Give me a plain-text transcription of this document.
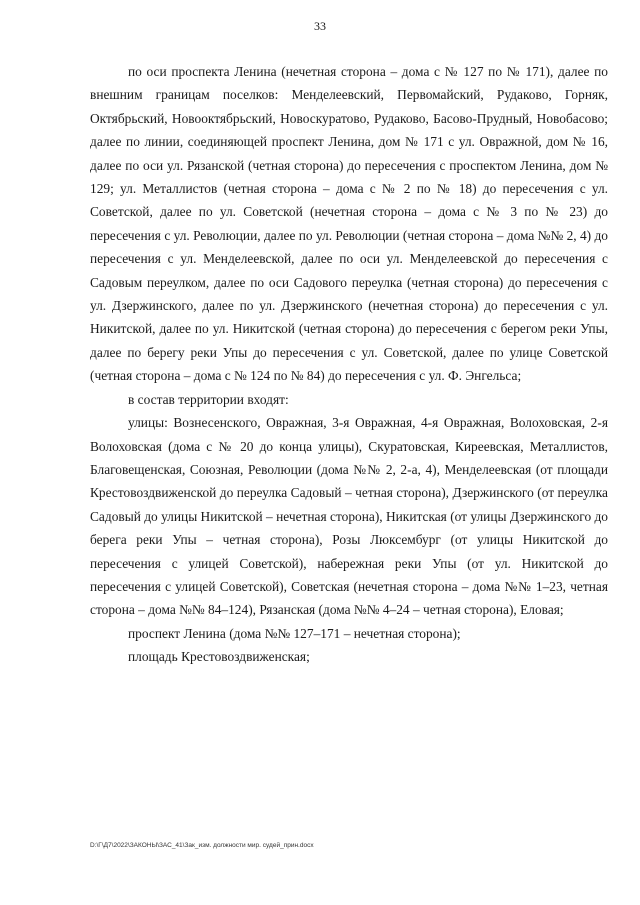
33

по оси проспекта Ленина (нечетная сторона – дома с № 127 по № 171), далее по внешним границам поселков: Менделеевский, Первомайский, Рудаково, Горняк, Октябрьский, Новооктябрьский, Новоскуратово, Рудаково, Басово-Прудный, Новобасово; далее по линии, соединяющей проспект Ленина, дом № 171 с ул. Овражной, дом № 16, далее по оси ул. Рязанской (четная сторона) до пересечения с проспектом Ленина, дом № 129; ул. Металлистов (четная сторона – дома с № 2 по № 18) до пересечения с ул. Советской, далее по ул. Советской (нечетная сторона – дома с № 3 по № 23) до пересечения с ул. Революции, далее по ул. Революции (четная сторона – дома №№ 2, 4) до пересечения с ул. Менделеевской, далее по оси ул. Менделеевской до пересечения с Садовым переулком, далее по оси Садового переулка (четная сторона) до пересечения с ул. Дзержинского, далее по ул. Дзержинского (нечетная сторона) до пересечения с ул. Никитской, далее по ул. Никитской (четная сторона) до пересечения с берегом реки Упы, далее по берегу реки Упы до пересечения с ул. Советской, далее по улице Советской (четная сторона – дома с № 124 по № 84) до пересечения с ул. Ф. Энгельса;

в состав территории входят:

улицы: Вознесенского, Овражная, 3-я Овражная, 4-я Овражная, Волоховская, 2-я Волоховская (дома с № 20 до конца улицы), Скуратовская, Киреевская, Металлистов, Благовещенская, Союзная, Революции (дома №№ 2, 2-а, 4), Менделеевская (от площади Крестовоздвиженской до переулка Садовый – четная сторона), Дзержинского (от переулка Садовый до улицы Никитской – нечетная сторона), Никитская (от улицы Дзержинского до берега реки Упы – четная сторона), Розы Люксембург (от улицы Никитской до пересечения с улицей Советской), набережная реки Упы (от ул. Никитской до пересечения с улицей Советской), Советская (нечетная сторона – дома №№ 1–23, четная сторона – дома №№ 84–124), Рязанская (дома №№ 4–24 – четная сторона), Еловая;

проспект Ленина (дома №№ 127–171 – нечетная сторона);

площадь Крестовоздвиженская;

D:\Г\Д7\2022\ЗАКОНЫ\ЗАС_41\Зак_изм. должности мир. судей_прин.docx
